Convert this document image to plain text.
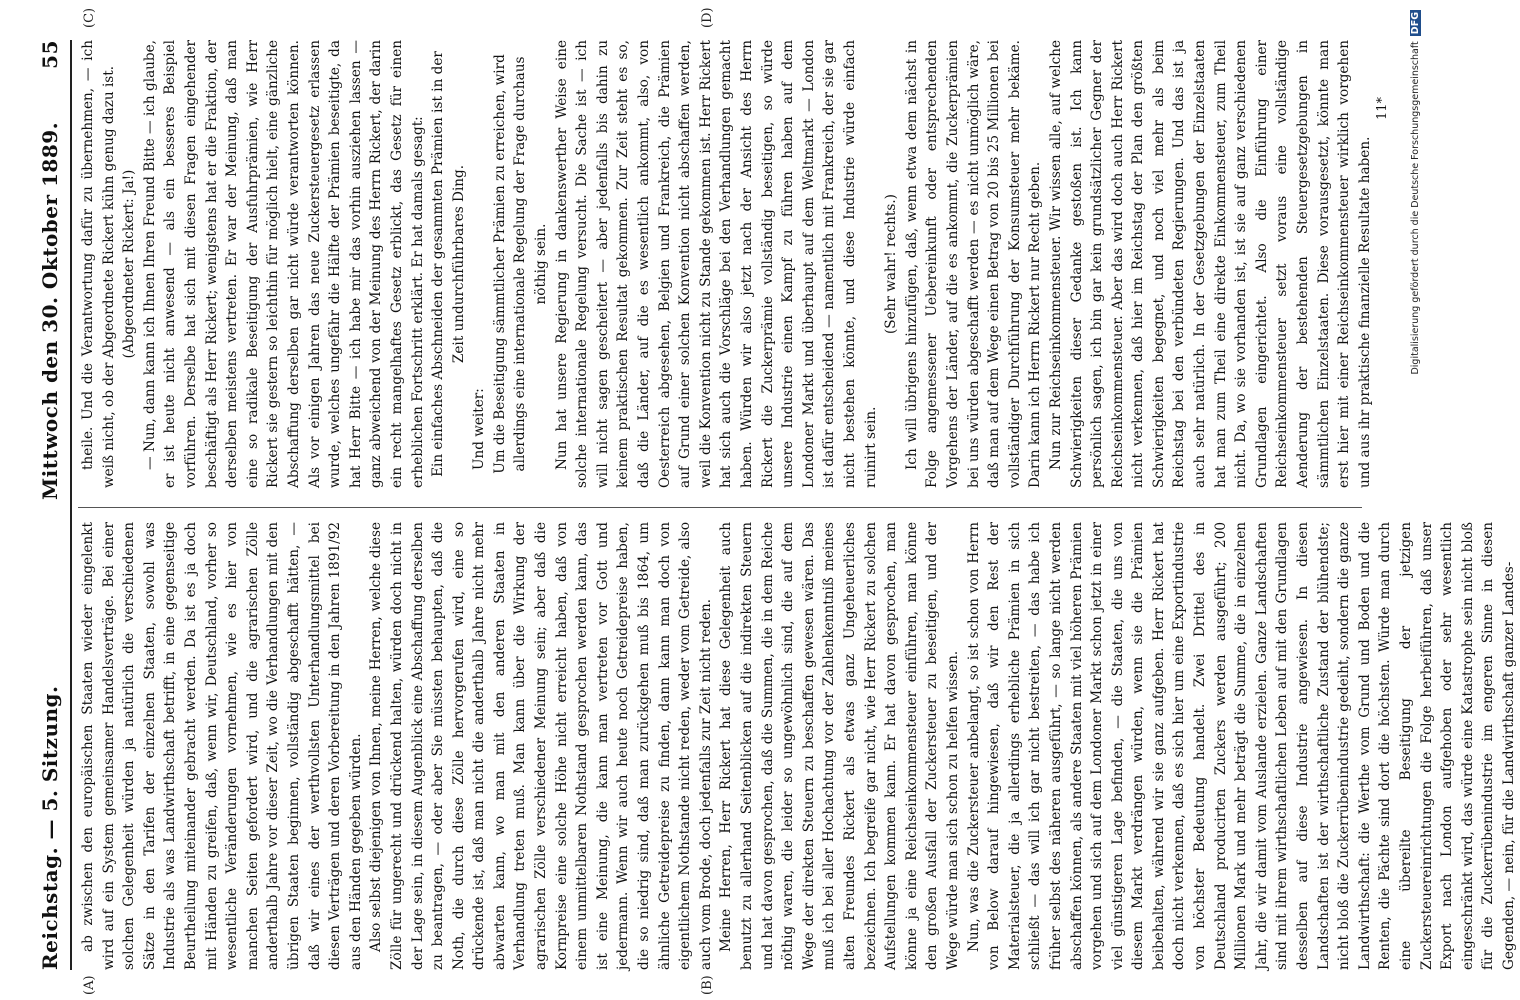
Reichstag. — 5. Sitzung.
Mittwoch den 30. Oktober 1889.
55
(A)	(B)
(C)	(D)

ab zwischen den europäischen Staaten wieder eingelenkt wird auf ein System gemeinsamer Handelsverträge. Bei einer solchen Gelegenheit würden ja natürlich die verschiedenen Sätze in den Tarifen der einzelnen Staaten, sowohl was Industrie als was Landwirthschaft betrifft, in eine gegenseitige Beurtheilung miteinander gebracht werden. Da ist es ja doch mit Händen zu greifen, daß, wenn wir, Deutschland, vorher so wesentliche Veränderungen vornehmen, wie es hier von manchen Seiten gefordert wird, und die agrarischen Zölle anderthalb Jahre vor dieser Zeit, wo die Verhandlungen mit den übrigen Staaten beginnen, vollständig abgeschafft hätten, — daß wir eines der werthvollsten Unterhandlungsmittel bei diesen Verträgen und deren Vorbereitung in den Jahren 1891/92 aus den Händen gegeben würden. Also selbst diejenigen von Ihnen, meine Herren, welche diese Zölle für ungerecht und drückend halten, würden doch nicht in der Lage sein, in diesem Augenblick eine Abschaffung derselben zu beantragen, — oder aber Sie müssten behaupten, daß die Noth, die durch diese Zölle hervorgerufen wird, eine so drückende ist, daß man nicht die anderthalb Jahre nicht mehr abwarten kann, wo man mit den anderen Staaten in Verhandlung treten muß. Man kann über die Wirkung der agrarischen Zölle verschiedener Meinung sein; aber daß die Kornpreise eine solche Höhe nicht erreicht haben, daß von einem unmittelbaren Nothstand gesprochen werden kann, das ist eine Meinung, die kann man vertreten vor Gott und jedermann. Wenn wir auch heute noch Getreidepreise haben, die so niedrig sind, daß man zurückgehen muß bis 1864, um ähnliche Getreidepreise zu finden, dann kann man doch von eigentlichem Nothstande nicht reden, weder vom Getreide, also auch vom Brode, doch jedenfalls zur Zeit nicht reden. Meine Herren, Herr Rickert hat diese Gelegenheit auch benutzt zu allerhand Seitenblicken auf die indirekten Steuern und hat davon gesprochen, daß die Summen, die in dem Reiche nöthig waren, die leider so ungewöhnlich sind, die auf dem Wege der direkten Steuern zu beschaffen gewesen wären. Das muß ich bei aller Hochachtung vor der Zahlenkenntniß meines alten Freundes Rickert als etwas ganz Ungeheuerliches bezeichnen. Ich begreife gar nicht, wie Herr Rickert zu solchen Aufstellungen kommen kann. Er hat davon gesprochen, man könne ja eine Reichseinkommensteuer einführen, man könne den großen Ausfall der Zuckersteuer zu beseitigen, und der Wege würde man sich schon zu helfen wissen. Nun, was die Zuckersteuer anbelangt, so ist schon von Herrn von Below darauf hingewiesen, daß wir den Rest der Materialsteuer, die ja allerdings erhebliche Prämien in sich schließt — das will ich gar nicht bestreiten, — das habe ich früher selbst des näheren ausgeführt, — so lange nicht werden abschaffen können, als andere Staaten mit viel höheren Prämien vorgehen und sich auf dem Londoner Markt schon jetzt in einer viel günstigeren Lage befinden, — die Staaten, die uns von diesem Markt verdrängen würden, wenn sie die Prämien beibehalten, während wir sie ganz aufgeben. Herr Rickert hat doch nicht verkennen, daß es sich hier um eine Exportindustrie von höchster Bedeutung handelt. Zwei Drittel des in Deutschland producirten Zuckers werden ausgeführt; 200 Millionen Mark und mehr beträgt die Summe, die in einzelnen Jahr, die wir damit vom Auslande erzielen. Ganze Landschaften sind mit ihrem wirthschaftlichen Leben auf mit den Grundlagen desselben auf diese Industrie angewiesen. In diesen Landschaften ist der wirthschaftliche Zustand der blühendste; nicht bloß die Zuckerrübenindustrie gedeiht, sondern die ganze Landwirthschaft: die Werthe vom Grund und Boden und die Renten, die Pächte sind dort die höchsten. Würde man durch eine übereilte Beseitigung der jetzigen Zuckersteuereinrichtungen die Folge herbeiführen, daß unser Export nach London aufgehoben oder sehr wesentlich eingeschränkt wird, das würde eine Katastrophe sein nicht bloß für die Zuckerrübenindustrie im engeren Sinne in diesen Gegenden, — nein, für die Landwirthschaft ganzer Landes-

theile. Und die Verantwortung dafür zu übernehmen, — ich weiß nicht, ob der Abgeordnete Rickert kühn genug dazu ist. (Abgeordneter Rickert: Ja!) — Nun, dann kann ich Ihnen Ihren Freund Bitte — ich glaube, er ist heute nicht anwesend — als ein besseres Beispiel vorführen. Derselbe hat sich mit diesen Fragen eingehender beschäftigt als Herr Rickert; wenigstens hat er die Fraktion, der derselben meistens vertreten. Er war der Meinung, daß man eine so radikale Beseitigung der Ausfuhrprämien, wie Herr Rickert sie gestern so leichthin für möglich hielt, eine gänzliche Abschaffung derselben gar nicht würde verantworten können. Als vor einigen Jahren das neue Zuckersteuergesetz erlassen wurde, welches ungefähr die Hälfte der Prämien beseitigte, da hat Herr Bitte — ich habe mir das vorhin ausziehen lassen — ganz abweichend von der Meinung des Herrn Rickert, der darin ein recht mangelhaftes Gesetz erblickt, das Gesetz für einen erheblichen Fortschritt erklärt. Er hat damals gesagt: Ein einfaches Abschneiden der gesammten Prämien ist in der Zeit undurchführbares Ding.

Und weiter: Um die Beseitigung sämmtlicher Prämien zu erreichen, wird allerdings eine internationale Regelung der Frage durchaus nöthig sein. Nun hat unsere Regierung in dankenswerther Weise eine solche internationale Regelung versucht. Die Sache ist — ich will nicht sagen gescheitert — aber jedenfalls bis dahin zu keinem praktischen Resultat gekommen. Zur Zeit steht es so, daß die Länder, auf die es wesentlich ankommt, also, von Oesterreich abgesehen, Belgien und Frankreich, die Prämien auf Grund einer solchen Konvention nicht abschaffen werden, weil die Konvention nicht zu Stande gekommen ist. Herr Rickert hat sich auch die Vorschläge bei den Verhandlungen gemacht haben. Würden wir also jetzt nach der Ansicht des Herrn Rickert die Zuckerprämie vollständig beseitigen, so würde unsere Industrie einen Kampf zu führen haben auf dem Londoner Markt und überhaupt auf dem Weltmarkt — London ist dafür entscheidend — namentlich mit Frankreich, der sie gar nicht bestehen könnte, und diese Industrie würde einfach ruinirt sein.

(Sehr wahr! rechts.) Ich will übrigens hinzufügen, daß, wenn etwa dem nächst in Folge angemessener Uebereinkunft oder entsprechenden Vorgehens der Länder, auf die es ankommt, die Zuckerprämien bei uns würden abgeschafft werden — es nicht unmöglich wäre, daß man auf dem Wege einen Betrag von 20 bis 25 Millionen bei vollständiger Durchführung der Konsumsteuer mehr bekäme. Darin kann ich Herrn Rickert nur Recht geben. Nun zur Reichseinkommensteuer. Wir wissen alle, auf welche Schwierigkeiten dieser Gedanke gestoßen ist. Ich kann persönlich sagen, ich bin gar kein grundsätzlicher Gegner der Reichseinkommensteuer. Aber das wird doch auch Herr Rickert nicht verkennen, daß hier im Reichstag der Plan den größten Schwierigkeiten begegnet, und noch viel mehr als beim Reichstag bei den verbündeten Regierungen. Und das ist ja auch sehr natürlich. In der Gesetzgebungen der Einzelstaaten hat man zum Theil eine direkte Einkommensteuer, zum Theil nicht. Da, wo sie vorhanden ist, ist sie auf ganz verschiedenen Grundlagen eingerichtet. Also die Einführung einer Reichseinkommensteuer setzt voraus eine vollständige Aenderung der bestehenden Steuergesetzgebungen in sämmtlichen Einzelstaaten. Diese vorausgesetzt, könnte man erst hier mit einer Reichseinkommensteuer wirklich vorgehen und aus ihr praktische finanzielle Resultate haben.

11* Digitalisierung gefördert durch die Deutsche Forschungsgemeinschaft DFG
